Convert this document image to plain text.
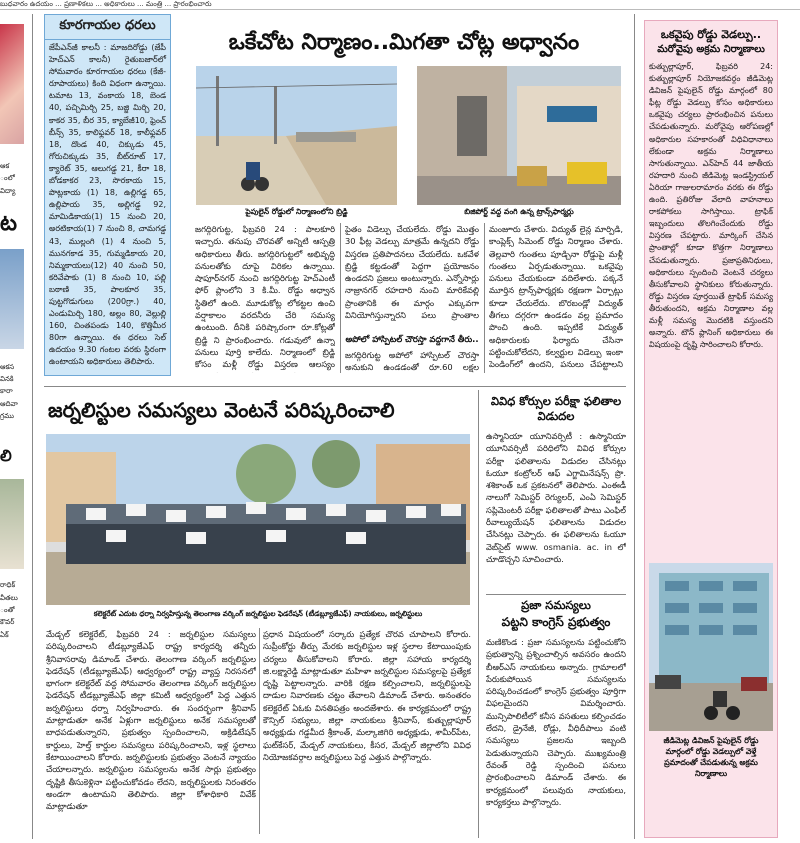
బుధవారం ఉదయం ... ప్రణాళికలు ... అధికారులు ... మంత్రి ... ప్రారంభించారు
ఆక
ంలో
విద్యా
ట
ఆకస
వినకి
కారా
ఆదివా
గ్రము
లి
రాధిక్
వీతలు
ంతో
కౌవర్
ఏక్
కూరగాయల ధరలు
జేపీఎన్‌జీ కాలనీ : మాజదిరోడ్డు (జేపీ హెచ్‌ఎన్ కాలనీ) రైతుబజార్‌లో సోమవారం కూరగాయల ధరలు (కేజీ-రూపాయలు) కింది విధంగా ఉన్నాయి. టమాట 13, వంకాయ 18, బెండ 40, పచ్చిమిర్చి 25, బజ్జి మిర్చి 20, కాకర 35, బీర 35, క్యాబేజీ10, ఫ్రెంచ్ బీన్స్ 35, కాలిఫ్లవర్ 18, కాలీఫ్లవర్ 18, దొండ 40, చిక్కుడు 45, గోరుచిక్కుడు 35, బీట్‌రూట్ 17, క్యారెట్ 35, ఆలుగడ్డ 21, కీరా 18, బోడకాకర 23, సొరకాయ 15, పొట్లకాయ (1) 18, ఉల్లిగడ్డ 65, ఉల్లిపాయ 35, అల్లిగడ్డ 92, మామిడికాయ(1) 15 నుంచి 20, అరటికాయ(1) 7 నుంచి 8, చామగడ్డ 43, ముల్లంగి (1) 4 నుంచి 5, మునగకాడ 35, గుమ్మడికాయ 20, నిమ్మకాయలు(12) 40 నుంచి 50, కరివేపాకు (1) 8 నుంచి 10, పల్లి బఠాణి 35, పాలకూర 35, పుట్టగొడుగులు (200గ్రా.) 40, ఎండుమిర్చి 180, అల్లం 80, వెల్లుల్లి 160, చింతపండు 140, కొత్తిమీర 80గా ఉన్నాయి. ఈ ధరలు సెల్ ఉదయం 9.30 గంటల వరకు స్థిరంగా ఉంటాయని అధికారులు తెలిపారు.
ఒకేచోట నిర్మాణం..మిగతా చోట్ల అధ్వానం
పైపులైన్ రోడ్డులో నిర్మాణంలోని బ్రిడ్జి	బిజిపోర్ట్ వద్ద వంగి ఉన్న ట్రాన్స్‌ఫార్మర్లు
జగద్గిరిగుట్ట, ఫిబ్రవరి 24 : పాలకూరి ఇచ్చారు. తనుపు చొరవతో అన్నిటి ఆస్పత్రి అధికారులు తీరు. జగద్గిరిగుట్టలో అభివృద్ధి పనులతోకు దూపై విరికల ఉన్నాయి. షాపూర్‌నగర్ నుంచి జగద్గిరిగుట్ట హెచ్‌ఎంటీ ఫోర్ ప్లాంలోని 3 కి.మీ. రోడ్డు అధ్వాన స్థితిలో ఉంది. మూడుకోట్ల లోకట్టల ఉంచి వర్షాకాలం వరదనీరు చేరి సమస్య ఉంటుంది. దీనికి పరిష్కారంగా రూ.కోట్లతో బ్రిడ్జి ని ప్రారంభించారు. గడువులో ఉన్నా పనులు పూర్తి కాలేదు. నిర్మాణంలో బ్రిడ్జి కోసం మళ్లీ రోడ్డు విస్తరణ ఆలస్యం
పైతం విడెల్పు చేయలేదు. రోడ్డు మొత్తం 30 ఫీట్ల వెడల్పు మాత్రమే ఉన్నదని రోడ్డు విస్తరణ ప్రతిపాదనలు చేయలేదు. ఒకవేళ బ్రిడ్జి కట్టడంతో పెద్దగా ప్రయోజనం ఉండదని ప్రజలు అంటున్నారు. ఎన్నోసార్లు నాజ్రానగర్ రహదారి నుంచి మారికేవల్లి ప్రాంతానికి ఈ మార్గం ఎక్కువగా వినియోగిస్తున్నారని పలు ప్రాంతాల
అపోలో హాస్పిటల్ చౌరస్తా వద్దగానే తీరు..
జగద్గిరిగుట్ట అపోలో హాస్పిటల్ చౌరస్తా అనుకుని ఉండడంతో రూ.60 లక్షల
మంజూరు చేశారు. విద్యుత్ లైన్ల మార్పిడి, కాంప్లెక్స్‌ సిమెంట్ రోడ్డు నిర్మాణం చేశారు. తెల్లవారి గుంతలు పూడ్చినా రోడ్డుపై మళ్లీ గుంతలు ఏర్పడుతున్నాయి. ఒకవైపు పనులు చేయకుండా వదిలేశారు. పక్కనే మూర్తిన ట్రాన్స్‌ఫార్మర్లకు రక్షణగా ఏర్పాట్లు కూడా చేయలేదు. బొరబండ్లో విద్యుత్ తీగలు దగ్గరగా ఉండడం వల్ల ప్రమాదం పొంచి ఉంది. ఇప్పటికే విద్యుత్ అధికారులకు ఫిర్యాదు చేసినా పట్టించుకోలేదని, కల్వర్టుల విడెల్పు ఇంకా పెండింగ్‌లో ఉందని, పనులు చేపట్టాలని
జర్నలిస్టుల సమస్యలు వెంటనే పరిష్కరించాలి
కలెక్టరేట్ ఎదుట ధర్నా నిర్వహిస్తున్న తెలంగాణ వర్కింగ్ జర్నలిస్టుల ఫెడరేషన్ (టీడబ్ల్యూజేఎఫ్) నాయకులు, జర్నలిస్టులు
మేడ్చల్ కలెక్టరేట్, ఫిబ్రవరి 24 : జర్నలిస్టుల సమస్యలు పరిష్కరించాలని టీడబ్ల్యూజేఎఫ్ రాష్ట్ర కార్యదర్శి తన్నీరు శ్రీనివాసరావు డిమాండ్ చేశారు. తెలంగాణ వర్కింగ్ జర్నలిస్టుల ఫెడరేషన్ (టీడబ్ల్యూజేఎఫ్) ఆధ్వర్యంలో రాష్ట్ర వ్యాప్త నిరసనలో భాగంగా కలెక్టరేట్ వద్ద సోమవారం తెలంగాణ వర్కింగ్ జర్నలిస్టుల ఫెడరేషన్ టీడబ్ల్యూజేఎఫ్ జిల్లా కమిటీ ఆధ్వర్యంలో పెద్ద ఎత్తున జర్నలిస్టులు ధర్నా నిర్వహించారు. ఈ సందర్భంగా శ్రీనివాస్ మాట్లాడుతూ అనేక ఏళ్లుగా జర్నలిస్టులు అనేక సమస్యలతో బాధపడుతున్నారని, ప్రభుత్వం స్పందించాలని, అక్రిడిటేషన్ కార్డులు, హెల్త్ కార్డుల సమస్యలు పరిష్కరించాలని, ఇళ్ల స్థలాలు కేటాయించాలని కోరారు. జర్నలిస్టులకు ప్రభుత్వం వెంటనే న్యాయం చేయాలన్నారు. జర్నలిస్టుల సమస్యలను అనేక సార్లు ప్రభుత్వం దృష్టికి తీసుకెళ్లినా పట్టించుకోవడం లేదని, జర్నలిస్టులకు నిరంతరం అండగా ఉంటామని తెలిపారు. జిల్లా కోశాధికారి వివేక్ మాట్లాడుతూ
ప్రధాన విషయంలో సర్కారు ప్రత్యేక చొరవ చూపాలని కోరారు. సుప్రీంకోర్టు తీర్పు మేరకు జర్నలిస్టుల ఇళ్ల స్థలాల కేటాయింపుకు చర్యలు తీసుకోవాలని కోరారు. జిల్లా సహాయ కార్యదర్శి జి.లక్ష్మారెడ్డి మాట్లాడుతూ మహిళా జర్నలిస్టుల సమస్యలపై ప్రత్యేక దృష్టి పెట్టాలన్నారు. వారికి రక్షణ కల్పించాలని, జర్నలిస్టులపై దాడుల నివారణకు చట్టం తేవాలని డిమాండ్ చేశారు. అనంతరం కలెక్టరేట్ ఏఓకు వినతిపత్రం అందజేశారు. ఈ కార్యక్రమంలో రాష్ట్ర కౌన్సిల్ సభ్యులు, జిల్లా నాయకులు శ్రీనివాస్, కుత్బుల్లాపూర్ అధ్యక్షుడు గడ్డమీద శ్రీకాంత్, మల్కాజిగిరి అధ్యక్షుడు, శామీర్‌పేట, ఘట్‌కేసర్, మేడ్చల్ నాయకులు, కీసర, మేడ్చల్ జిల్లాలోని వివిధ నియోజకవర్గాల జర్నలిస్టులు పెద్ద ఎత్తున పాల్గొన్నారు.
వివిధ కోర్సుల పరీక్షా ఫలితాల విడుదల
ఉస్మానియా యూనివర్సిటీ : ఉస్మానియా యూనివర్సిటీ పరిధిలోని వివిధ కోర్సుల పరీక్షా ఫలితాలను విడుదల చేసినట్లు ఓయూ కంట్రోలర్ ఆఫ్ ఎగ్జామినేషన్స్ ప్రొ. శశికాంత్ ఒక ప్రకటనలో తెలిపారు. ఎంఈడీ నాలుగో సెమిస్టర్ రెగ్యులర్, ఎంఏ సెమిస్టర్ సప్లిమెంటరీ పరీక్షా ఫలితాలతో పాటు ఎంఫిల్ రీవాల్యుయేషన్ ఫలితాలను విడుదల చేసినట్లు చెప్పారు. ఈ ఫలితాలను ఓయూ వెబ్‌సైట్ www. osmania. ac. in లో చూడొచ్చని సూచించారు.
ప్రజా సమస్యలు
పట్టని కాంగ్రెస్ ప్రభుత్వం
మణికొండ : ప్రజా సమస్యలను పట్టించుకోని ప్రభుత్వాన్ని ప్రశ్నించాల్సిన అవసరం ఉందని బీఆర్‌ఎస్ నాయకులు అన్నారు. గ్రామాలలో పేరుకుపోయిన సమస్యలను పరిష్కరించడంలో కాంగ్రెస్ ప్రభుత్వం పూర్తిగా విఫలమైందని విమర్శించారు. మున్సిపాలిటీలో కనీస వసతులు కల్పించడం లేదని, డ్రైనేజీ, రోడ్లు, వీధిదీపాలు వంటి సమస్యలు ప్రజలను ఇబ్బంది పెడుతున్నాయని చెప్పారు. ముఖ్యమంత్రి రేవంత్ రెడ్డి స్పందించి పనులు ప్రారంభించాలని డిమాండ్ చేశారు. ఈ కార్యక్రమంలో పలువురు నాయకులు, కార్యకర్తలు పాల్గొన్నారు.
ఒకవైపు రోడ్డు వెడల్పు..
మరోవైపు అక్రమ నిర్మాణాలు
కుత్బుల్లాపూర్, ఫిబ్రవరి 24: కుత్బుల్లాపూర్ నియోజకవర్గం జీడిమెట్ల డివిజన్ పైపులైన్ రోడ్డు మార్గంలో 80 ఫీట్ల రోడ్డు వెడల్పు కోసం అధికారులు ఒకవైపు చర్యలు ప్రారంభించిన పనులు చేపడుతున్నారు. మరోవైపు ఆరోపణల్లో అధికారుల సహకారంతో విధివిధానాలు లేకుండా అక్రమ నిర్మాణాలు సాగుతున్నాయి. ఎన్‌హెచ్ 44 జాతీయ రహదారి నుంచి జీడిమెట్ల ఇండస్ట్రియల్ ఏరియా గాజులరామారం వరకు ఈ రోడ్డు ఉంది. ప్రతిరోజు వేలాది వాహనాలు రాకపోకలు సాగిస్తాయి. ట్రాఫిక్ ఇబ్బందులు తొలగించేందుకు రోడ్డు విస్తరణ చేపట్టారు. మార్కింగ్ చేసిన ప్రాంతాల్లో కూడా కొత్తగా నిర్మాణాలు చేపడుతున్నారు. ప్రజాప్రతినిధులు, అధికారులు స్పందించి వెంటనే చర్యలు తీసుకోవాలని స్థానికులు కోరుతున్నారు. రోడ్డు విస్తరణ పూర్తయితే ట్రాఫిక్ సమస్య తీరుతుందని, అక్రమ నిర్మాణాల వల్ల మళ్లీ సమస్య మొదటికి వస్తుందని అన్నారు. టౌన్ ప్లానింగ్ అధికారులు ఈ విషయంపై దృష్టి సారించాలని కోరారు.
జీడిమెట్ల డివిజన్ పైపులైన్ రోడ్డు మార్గంలో రోడ్డు వెడల్పులో వెళ్తే ప్రమాదంతో చేపడుతున్న అక్రమ నిర్మాణాలు
